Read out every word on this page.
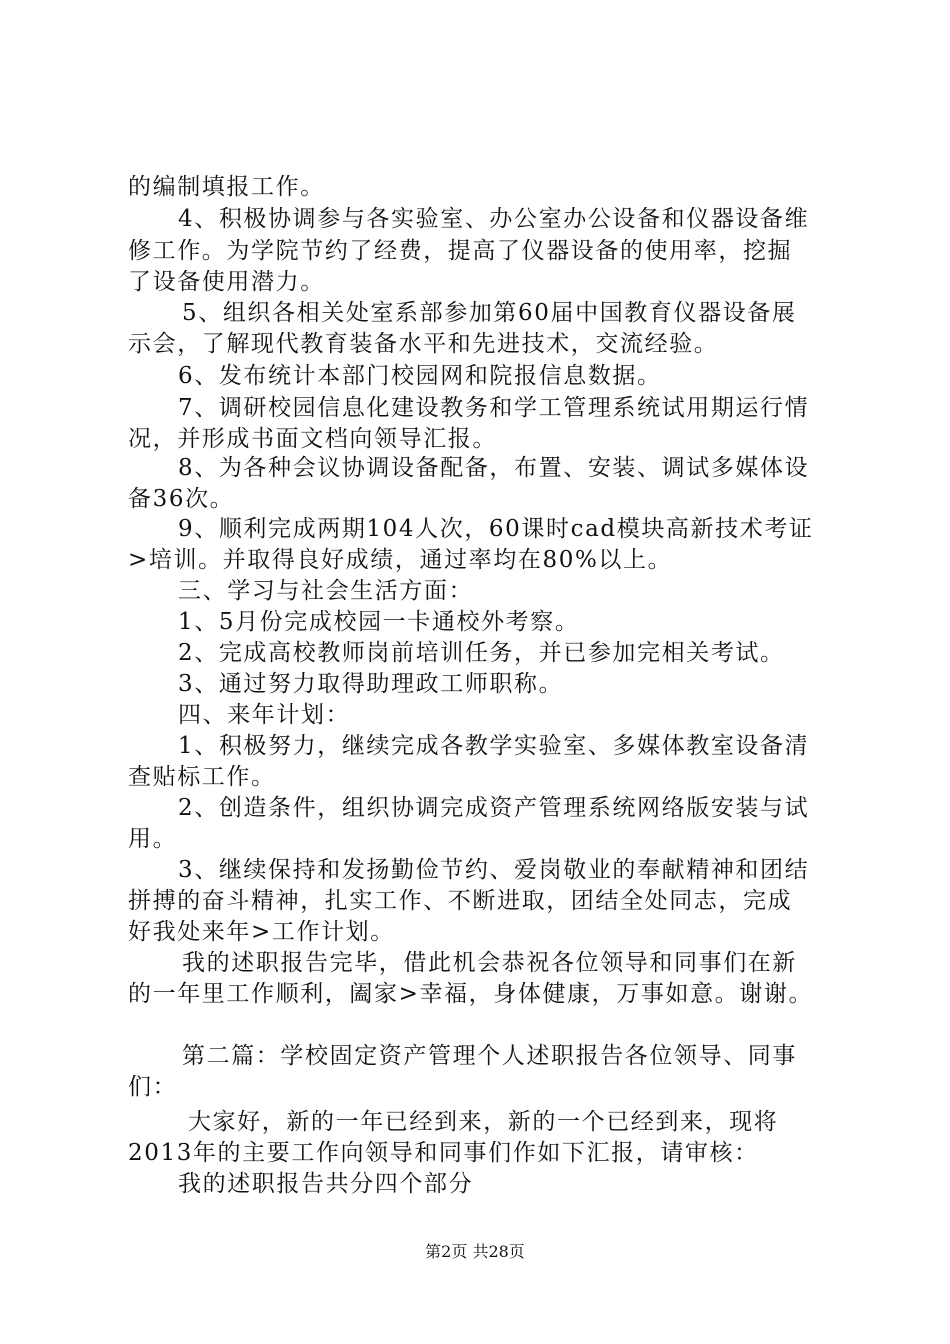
的编制填报工作。

4、积极协调参与各实验室、办公室办公设备和仪器设备维

修工作。为学院节约了经费，提高了仪器设备的使用率，挖掘

了设备使用潜力。

5、组织各相关处室系部参加第60届中国教育仪器设备展

示会，了解现代教育装备水平和先进技术，交流经验。

6、发布统计本部门校园网和院报信息数据。

7、调研校园信息化建设教务和学工管理系统试用期运行情

况，并形成书面文档向领导汇报。

8、为各种会议协调设备配备，布置、安装、调试多媒体设

备36次。

9、顺利完成两期104人次，60课时cad模块高新技术考证

>培训。并取得良好成绩，通过率均在80%以上。

三、学习与社会生活方面：

1、5月份完成校园一卡通校外考察。

2、完成高校教师岗前培训任务，并已参加完相关考试。

3、通过努力取得助理政工师职称。

四、来年计划：

1、积极努力，继续完成各教学实验室、多媒体教室设备清

查贴标工作。

2、创造条件，组织协调完成资产管理系统网络版安装与试

用。

3、继续保持和发扬勤俭节约、爱岗敬业的奉献精神和团结

拼搏的奋斗精神，扎实工作、不断进取，团结全处同志，完成

好我处来年>工作计划。

我的述职报告完毕，借此机会恭祝各位领导和同事们在新

的一年里工作顺利，阖家>幸福，身体健康，万事如意。谢谢。

第二篇：学校固定资产管理个人述职报告各位领导、同事

们：

大家好，新的一年已经到来，新的一个已经到来，现将

2013年的主要工作向领导和同事们作如下汇报，请审核：

我的述职报告共分四个部分

第2页 共28页
